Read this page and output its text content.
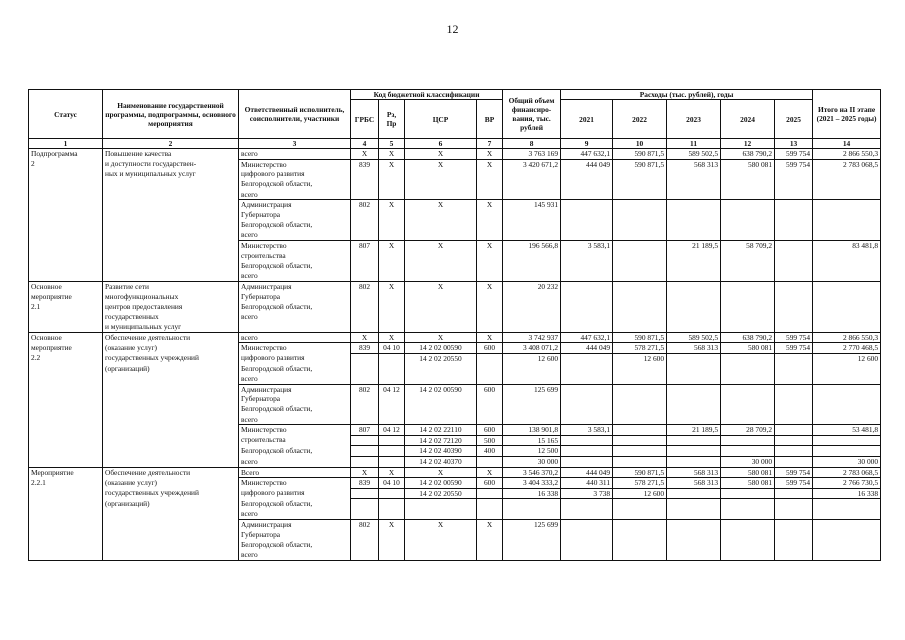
12
Статус	Наименование государственной программы, подпрограммы, основного мероприятия	Ответственный исполнитель, соисполнители, участники	Код бюджетной классификации				Общий объем финансиро-вания, тыс. рублей	Расходы (тыс. рублей), годы					Итого на II этапе (2021 – 2025 годы)
			ГРБС	Рз, Пр	ЦСР	ВР		2021	2022	2023	2024	2025	
1	2	3	4	5	6	7	8	9	10	11	12	13	14
Подпрограмма	Повышение качества	всего	Х	Х	Х	Х	3 763 169	447 632,1	590 871,5	589 502,5	638 790,2	599 754	2 866 550,3
2	и доступности государствен-	Министерство	839	Х	Х	Х	3 420 671,2	444 049	590 871,5	568 313	580 081	599 754	2 783 068,5
	ных и муниципальных услуг	цифрового развития											
		Белгородской области,											
		всего											
		Администрация	802	Х	Х	Х	145 931						
		Губернатора											
		Белгородской области,											
		всего											
		Министерство	807	Х	Х	Х	196 566,8	3 583,1		21 189,5	58 709,2		83 481,8
		строительства											
		Белгородской области,											
		всего											
Основное	Развитие сети	Администрация	802	Х	Х	Х	20 232						
мероприятие	многофункциональных	Губернатора											
2.1	центров предоставления	Белгородской области,											
	государственных	всего											
	и муниципальных услуг												
Основное	Обеспечение деятельности	всего	Х	Х	Х	Х	3 742 937	447 632,1	590 871,5	589 502,5	638 790,2	599 754	2 866 550,3
мероприятие	(оказание услуг)	Министерство	839	04 10	14 2 02 00590	600	3 408 071,2	444 049	578 271,5	568 313	580 081	599 754	2 770 468,5
2.2	государственных учреждений	цифрового развития			14 2 02 20550		12 600		12 600				12 600
	(организаций)	Белгородской области,											
		всего											
		Администрация	802	04 12	14 2 02 00590	600	125 699						
		Губернатора											
		Белгородской области,											
		всего											
		Министерство	807	04 12	14 2 02 22110	600	138 901,8	3 583,1		21 189,5	28 709,2		53 481,8
		строительства			14 2 02 72120	500	15 165						
		Белгородской области,			14 2 02 40390	400	12 500						
		всего			14 2 02 40370		30 000				30 000		30 000
Мероприятие	Обеспечение деятельности	Всего	Х	Х	Х	Х	3 546 370,2	444 049	590 871,5	568 313	580 081	599 754	2 783 068,5
2.2.1	(оказание услуг)	Министерство	839	04 10	14 2 02 00590	600	3 404 333,2	440 311	578 271,5	568 313	580 081	599 754	2 766 730,5
	государственных учреждений	цифрового развития			14 2 02 20550		16 338	3 738	12 600				16 338
	(организаций)	Белгородской области,											
		всего											
		Администрация	802	Х	Х	Х	125 699						
		Губернатора											
		Белгородской области,											
		всего											
